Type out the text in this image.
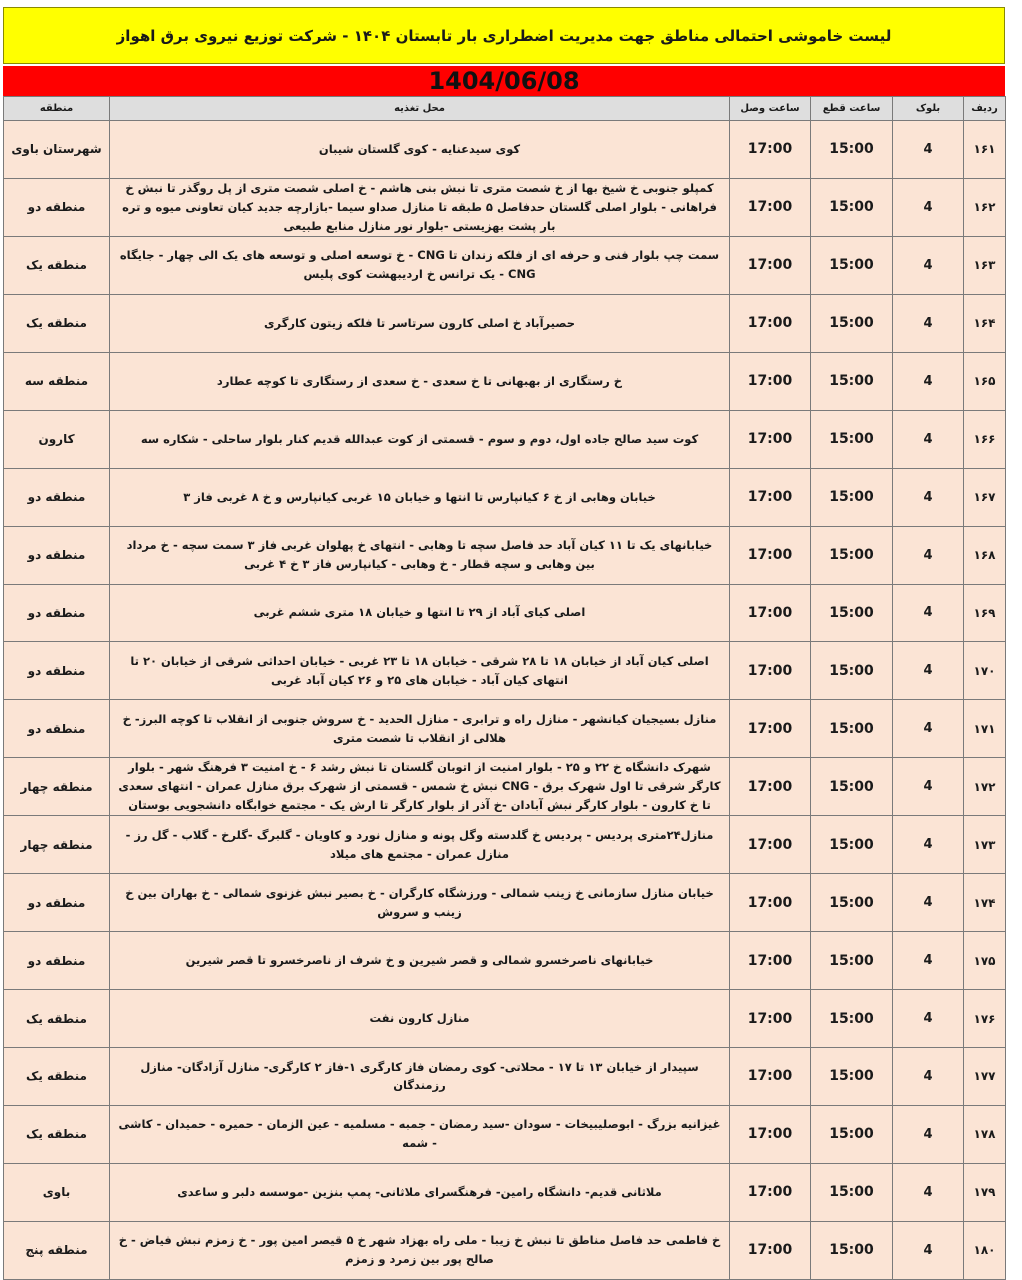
لیست خاموشی احتمالی مناطق جهت مدیریت اضطراری بار تابستان ۱۴۰۴ - شرکت توزیع نیروی برق اهواز
1404/06/08
منطقه	محل تغذیه	ساعت وصل	ساعت قطع	بلوک	ردیف
شهرستان باوی	کوی سیدعنایه - کوی گلستان شیبان	17:00	15:00	4	۱۶۱
منطقه دو	کمپلو جنوبی خ شیخ بها از خ شصت متری تا نبش بنی هاشم - خ اصلی شصت متری از پل روگذر تا نبش خ فراهانی - بلوار اصلی گلستان حدفاصل ۵ طبقه تا منازل صداو سیما -بازارچه جدید کیان تعاونی میوه و تره بار پشت بهزیستی -بلوار نور منازل منابع طبیعی	17:00	15:00	4	۱۶۲
منطقه یک	سمت چپ بلوار فنی و حرفه ای از فلکه زندان تا CNG - خ توسعه اصلی و توسعه های یک الی چهار - جایگاه CNG - یک ترانس خ اردیبهشت کوی پلیس	17:00	15:00	4	۱۶۳
منطقه یک	حصیرآباد خ اصلی کارون سرتاسر تا فلکه زیتون کارگری	17:00	15:00	4	۱۶۴
منطقه سه	خ رستگاری از بهبهانی تا خ سعدی - خ سعدی از رستگاری تا کوچه عطارد	17:00	15:00	4	۱۶۵
کارون	کوت سید صالح جاده اول، دوم و سوم - قسمتی از کوت عبدالله قدیم کنار بلوار ساحلی - شکاره سه	17:00	15:00	4	۱۶۶
منطقه دو	خیابان وهابی از خ ۶ کیانپارس تا انتها و خیابان ۱۵ غربی کیانپارس و خ ۸ غربی فاز ۳	17:00	15:00	4	۱۶۷
منطقه دو	خیابانهای یک تا ۱۱ کیان آباد حد فاصل سچه تا وهابی - انتهای خ پهلوان غربی فاز ۳ سمت سچه - خ مرداد بین وهابی و سچه قطار - خ وهابی - کیانپارس فاز ۳ خ ۴ غربی	17:00	15:00	4	۱۶۸
منطقه دو	اصلی کیای آباد از ۲۹ تا انتها و خیابان ۱۸ متری ششم غربی	17:00	15:00	4	۱۶۹
منطقه دو	اصلی کیان آباد از خیابان ۱۸ تا ۲۸ شرقی - خیابان ۱۸ تا ۲۳ غربی - خیابان احداثی شرقی از خیابان ۲۰ تا انتهای کیان آباد - خیابان های ۲۵ و ۲۶ کیان آباد غربی	17:00	15:00	4	۱۷۰
منطقه دو	منازل بسیجیان کیانشهر - منازل راه و ترابری - منازل الحدید - خ سروش جنوبی از انقلاب تا کوچه البرز- خ هلالی از انقلاب تا شصت متری	17:00	15:00	4	۱۷۱
منطقه چهار	شهرک دانشگاه خ ۲۲ و ۲۵ - بلوار امنیت از اتوبان گلستان تا نبش رشد ۶ - خ امنیت ۳ فرهنگ شهر - بلوار کارگر شرقی تا اول شهرک برق - CNG نبش خ شمس - قسمتی از شهرک برق منازل عمران - انتهای سعدی تا خ کارون - بلوار کارگر نبش آبادان -خ آذر از بلوار کارگر تا ارش یک - مجتمع خوابگاه دانشجویی بوستان	17:00	15:00	4	۱۷۲
منطقه چهار	منازل۲۴متری پردیس - پردیس خ گلدسته وگل پونه و منازل نورد و کاویان - گلبرگ -گلرخ - گلاب - گل رز - منازل عمران - مجتمع های میلاد	17:00	15:00	4	۱۷۳
منطقه دو	خیابان منازل سازمانی خ زینب شمالی - ورزشگاه کارگران - خ بصیر نبش غزنوی شمالی - خ بهاران بین خ زینب و سروش	17:00	15:00	4	۱۷۴
منطقه دو	خیابانهای ناصرخسرو شمالی و قصر شیرین و خ شرف از ناصرخسرو تا قصر شیرین	17:00	15:00	4	۱۷۵
منطقه یک	منازل کارون نفت	17:00	15:00	4	۱۷۶
منطقه یک	سپیدار از خیابان ۱۳ تا ۱۷ - محلاتی- کوی رمضان فاز کارگری ۱-فاز ۲ کارگری- منازل آزادگان- منازل رزمندگان	17:00	15:00	4	۱۷۷
منطقه یک	غیزانیه بزرگ - ابوصلیبیخات - سودان -سید رمضان - جمبه - مسلمیه - عین الزمان - حمیره - حمیدان - کاشی - شمه	17:00	15:00	4	۱۷۸
باوی	ملاثانی قدیم- دانشگاه رامین- فرهنگسرای ملاثانی- پمپ بنزین -موسسه دلبر و ساعدی	17:00	15:00	4	۱۷۹
منطقه پنج	خ فاطمی حد فاصل مناطق تا نبش خ زیبا - ملی راه بهزاد شهر خ ۵ قیصر امین پور - خ زمزم نبش فیاض - خ صالح پور بین زمرد و زمزم	17:00	15:00	4	۱۸۰
